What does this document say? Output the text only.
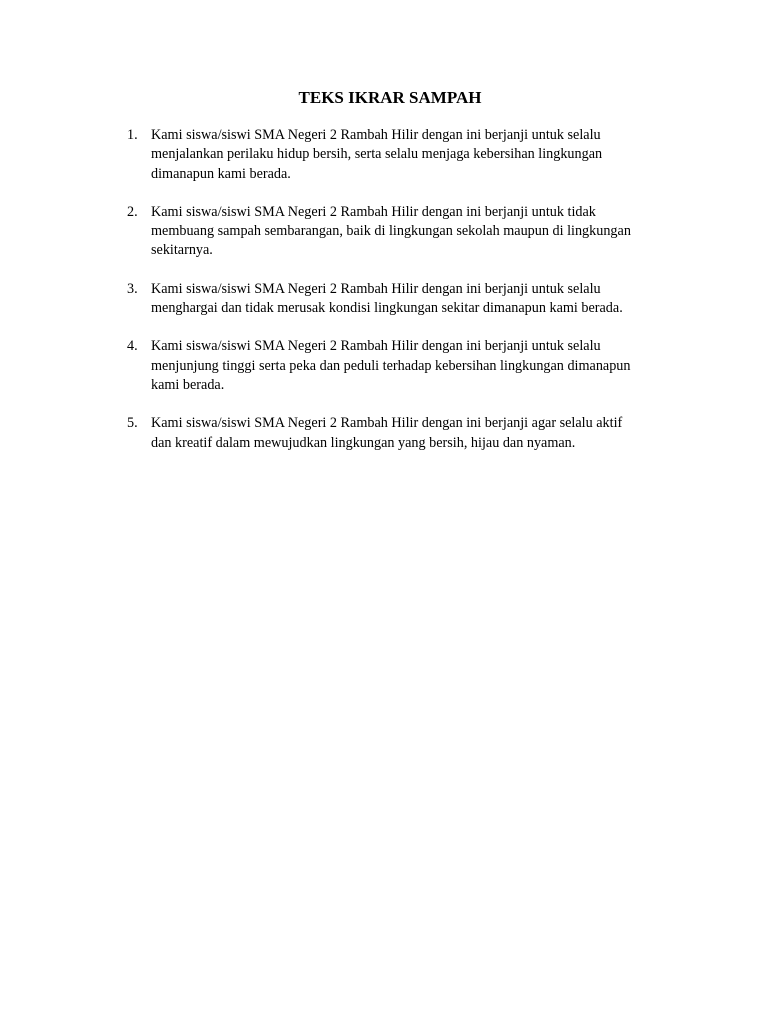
TEKS IKRAR SAMPAH
1. Kami siswa/siswi SMA Negeri 2 Rambah Hilir dengan ini berjanji untuk selalu
menjalankan perilaku hidup bersih, serta selalu menjaga kebersihan lingkungan
dimanapun kami berada.
2. Kami siswa/siswi SMA Negeri 2 Rambah Hilir dengan ini berjanji untuk tidak
membuang sampah sembarangan, baik di lingkungan sekolah maupun di lingkungan
sekitarnya.
3. Kami siswa/siswi SMA Negeri 2 Rambah Hilir dengan ini berjanji untuk selalu
menghargai dan tidak merusak kondisi lingkungan sekitar dimanapun kami berada.
4. Kami siswa/siswi SMA Negeri 2 Rambah Hilir dengan ini berjanji untuk selalu
menjunjung tinggi serta peka dan peduli terhadap kebersihan lingkungan dimanapun
kami berada.
5. Kami siswa/siswi SMA Negeri 2 Rambah Hilir dengan ini berjanji agar selalu aktif
dan kreatif dalam mewujudkan lingkungan yang bersih, hijau dan nyaman.
